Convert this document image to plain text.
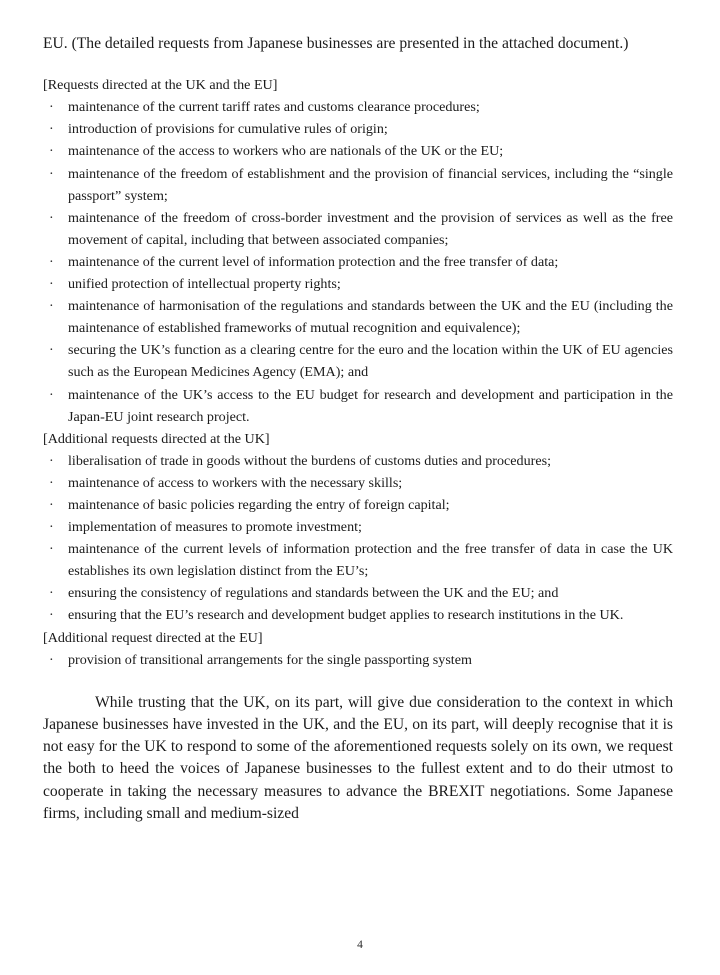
EU. (The detailed requests from Japanese businesses are presented in the attached document.)

[Requests directed at the UK and the EU]

·	maintenance of the current tariff rates and customs clearance procedures;
·	introduction of provisions for cumulative rules of origin;
·	maintenance of the access to workers who are nationals of the UK or the EU;
·	maintenance of the freedom of establishment and the provision of financial services, including the “single passport” system;
·	maintenance of the freedom of cross-border investment and the provision of services as well as the free movement of capital, including that between associated companies;
·	maintenance of the current level of information protection and the free transfer of data;
·	unified protection of intellectual property rights;
·	maintenance of harmonisation of the regulations and standards between the UK and the EU (including the maintenance of established frameworks of mutual recognition and equivalence);
·	securing the UK’s function as a clearing centre for the euro and the location within the UK of EU agencies such as the European Medicines Agency (EMA); and
·	maintenance of the UK’s access to the EU budget for research and development and participation in the Japan-EU joint research project.

[Additional requests directed at the UK]

·	liberalisation of trade in goods without the burdens of customs duties and procedures;
·	maintenance of access to workers with the necessary skills;
·	maintenance of basic policies regarding the entry of foreign capital;
·	implementation of measures to promote investment;
·	maintenance of the current levels of information protection and the free transfer of data in case the UK establishes its own legislation distinct from the EU’s;
·	ensuring the consistency of regulations and standards between the UK and the EU; and
·	ensuring that the EU’s research and development budget applies to research institutions in the UK.

[Additional request directed at the EU]

·	provision of transitional arrangements for the single passporting system

While trusting that the UK, on its part, will give due consideration to the context in which Japanese businesses have invested in the UK, and the EU, on its part, will deeply recognise that it is not easy for the UK to respond to some of the aforementioned requests solely on its own, we request the both to heed the voices of Japanese businesses to the fullest extent and to do their utmost to cooperate in taking the necessary measures to advance the BREXIT negotiations. Some Japanese firms, including small and medium-sized

4
